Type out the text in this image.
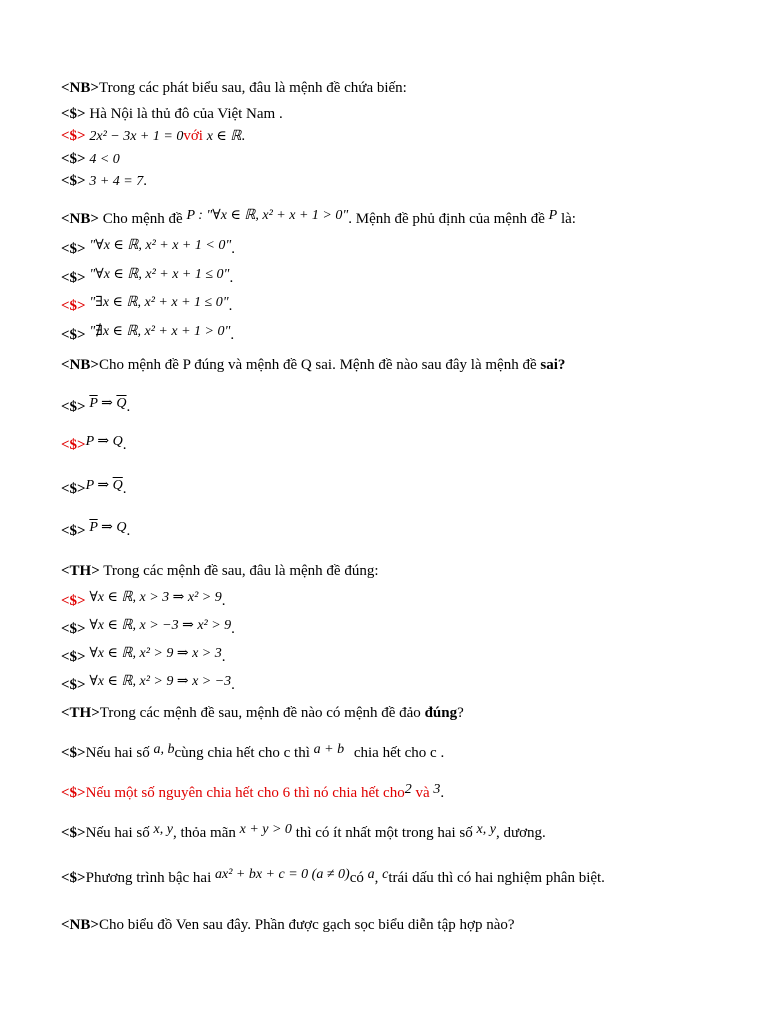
<NB>Trong các phát biểu sau, đâu là mệnh đề chứa biến:
<$> Hà Nội là thủ đô của Việt Nam .
<$> 2x² − 3x + 1 = 0với x ∈ ℝ.
<$> 4 < 0
<$> 3 + 4 = 7.
<NB> Cho mệnh đề P : "∀x ∈ ℝ, x² + x + 1 > 0". Mệnh đề phủ định của mệnh đề P là:
<$> "∀x ∈ ℝ, x² + x + 1 < 0".
<$> "∀x ∈ ℝ, x² + x + 1 ≤ 0".
<$> "∃x ∈ ℝ, x² + x + 1 ≤ 0".
<$> "∄x ∈ ℝ, x² + x + 1 > 0".
<NB>Cho mệnh đề P đúng và mệnh đề Q sai. Mệnh đề nào sau đây là mệnh đề sai?
<$> $\overline{P}$ ⇒ $\overline{Q}$.
<$>P ⇒ Q.
<$>P ⇒ $\overline{Q}$.
<$> $\overline{P}$ ⇒ Q.
<TH> Trong các mệnh đề sau, đâu là mệnh đề đúng:
<$> ∀x ∈ ℝ, x > 3 ⇒ x² > 9.
<$> ∀x ∈ ℝ, x > −3 ⇒ x² > 9.
<$> ∀x ∈ ℝ, x² > 9 ⇒ x > 3.
<$> ∀x ∈ ℝ, x² > 9 ⇒ x > −3.
<TH>Trong các mệnh đề sau, mệnh đề nào có mệnh đề đảo đúng?
<$>Nếu hai số a, bcùng chia hết cho c thì a + b chia hết cho c .
<$>Nếu một số nguyên chia hết cho 6 thì nó chia hết cho2 và 3.
<$>Nếu hai số x, y, thỏa mãn x + y > 0 thì có ít nhất một trong hai số x, y, dương.
<$>Phương trình bậc hai ax² + bx + c = 0 (a ≠ 0)có a, ctrái dấu thì có hai nghiệm phân biệt.
<NB>Cho biểu đồ Ven sau đây. Phần được gạch sọc biểu diễn tập hợp nào?
